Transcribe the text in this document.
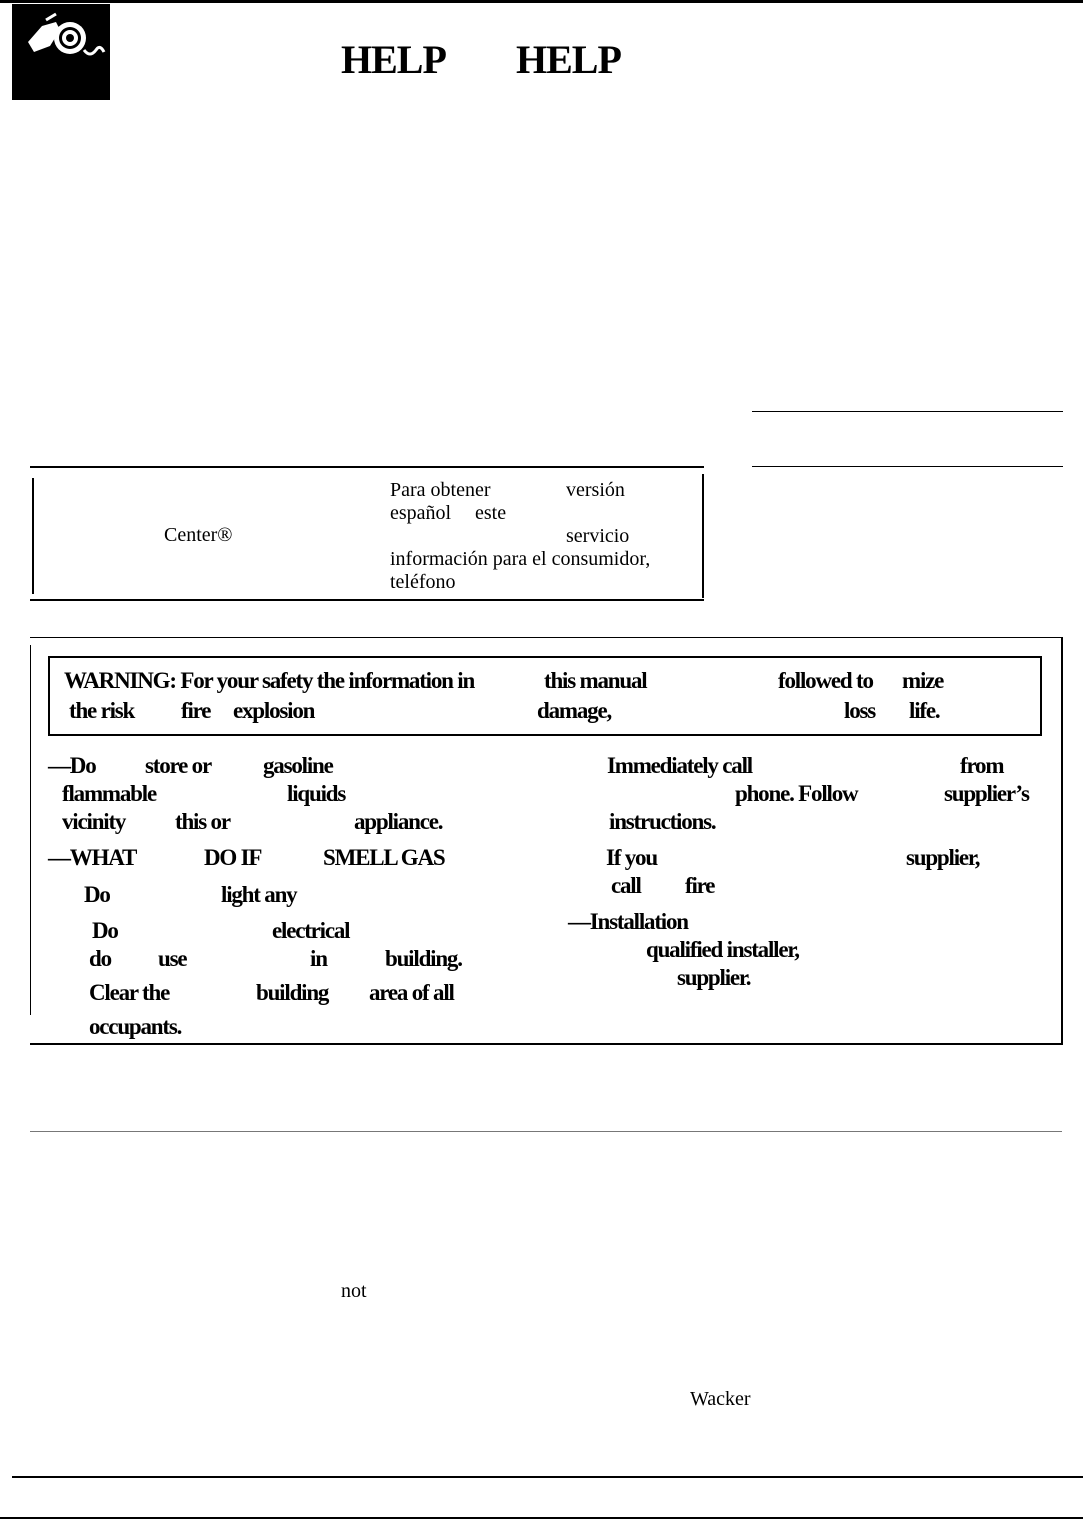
HELP HELP
Center®
Para obtener	versión
español este
servicio
información para el consumidor,
teléfono
WARNING: For your safety the information in	this manual	followed to mize
the risk fire explosion	damage,	loss life.
—Do store or gasoline
flammable	liquids
vicinity this or	appliance.
—WHAT	DO IF	SMELL GAS
Do	light any
Do	electrical
do use	in	building.
Clear the	building area of all
occupants.
Immediately call	from
phone. Follow	supplier’s
instructions.
If you	supplier,
call fire
—Installation
qualified installer,
supplier.
not
Wacker
